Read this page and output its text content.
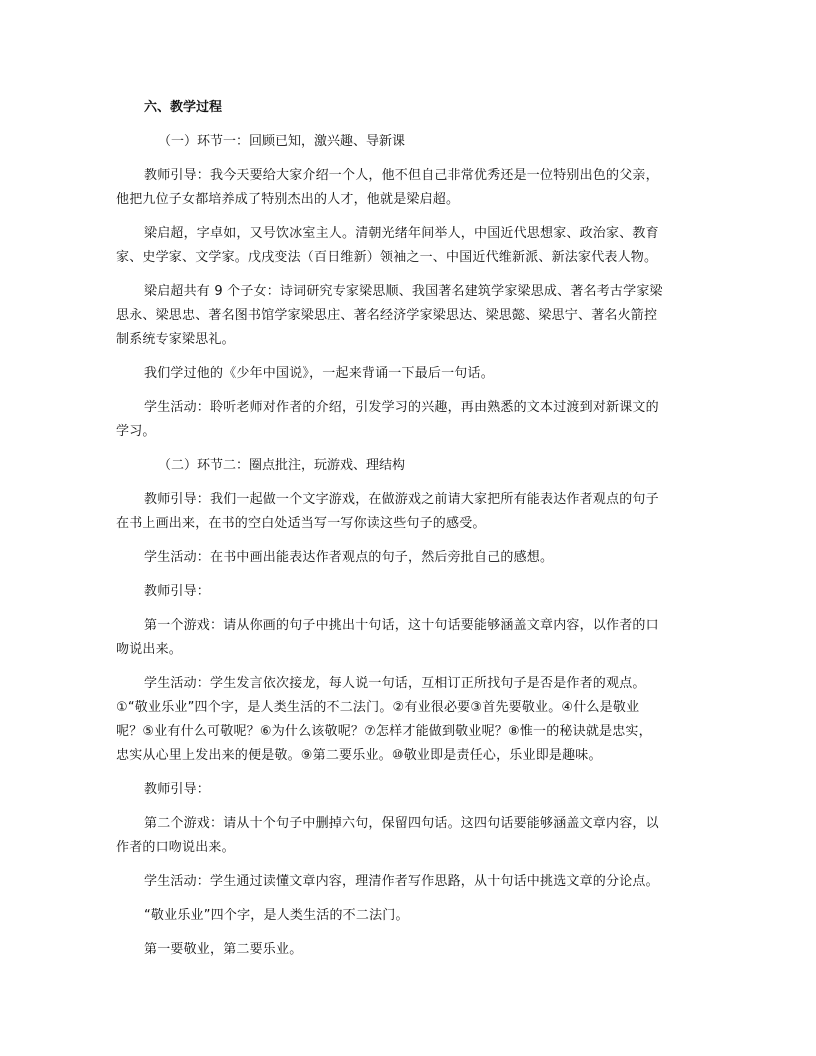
六、教学过程
（一）环节一：回顾已知，激兴趣、导新课
教师引导：我今天要给大家介绍一个人，他不但自己非常优秀还是一位特别出色的父亲，
他把九位子女都培养成了特别杰出的人才，他就是梁启超。
梁启超，字卓如，又号饮冰室主人。清朝光绪年间举人，中国近代思想家、政治家、教育
家、史学家、文学家。戊戌变法（百日维新）领袖之一、中国近代维新派、新法家代表人物。
梁启超共有 9 个子女：诗词研究专家梁思顺、我国著名建筑学家梁思成、著名考古学家梁
思永、梁思忠、著名图书馆学家梁思庄、著名经济学家梁思达、梁思懿、梁思宁、著名火箭控
制系统专家梁思礼。
我们学过他的《少年中国说》，一起来背诵一下最后一句话。
学生活动：聆听老师对作者的介绍，引发学习的兴趣，再由熟悉的文本过渡到对新课文的
学习。
（二）环节二：圈点批注，玩游戏、理结构
教师引导：我们一起做一个文字游戏，在做游戏之前请大家把所有能表达作者观点的句子
在书上画出来，在书的空白处适当写一写你读这些句子的感受。
学生活动：在书中画出能表达作者观点的句子，然后旁批自己的感想。
教师引导：
第一个游戏：请从你画的句子中挑出十句话，这十句话要能够涵盖文章内容，以作者的口
吻说出来。
学生活动：学生发言依次接龙，每人说一句话，互相订正所找句子是否是作者的观点。
①“敬业乐业”四个字，是人类生活的不二法门。②有业很必要③首先要敬业。④什么是敬业
呢？⑤业有什么可敬呢？⑥为什么该敬呢？⑦怎样才能做到敬业呢？⑧惟一的秘诀就是忠实，
忠实从心里上发出来的便是敬。⑨第二要乐业。⑩敬业即是责任心，乐业即是趣味。
教师引导：
第二个游戏：请从十个句子中删掉六句，保留四句话。这四句话要能够涵盖文章内容，以
作者的口吻说出来。
学生活动：学生通过读懂文章内容，理清作者写作思路，从十句话中挑选文章的分论点。
“敬业乐业”四个字，是人类生活的不二法门。
第一要敬业，第二要乐业。
